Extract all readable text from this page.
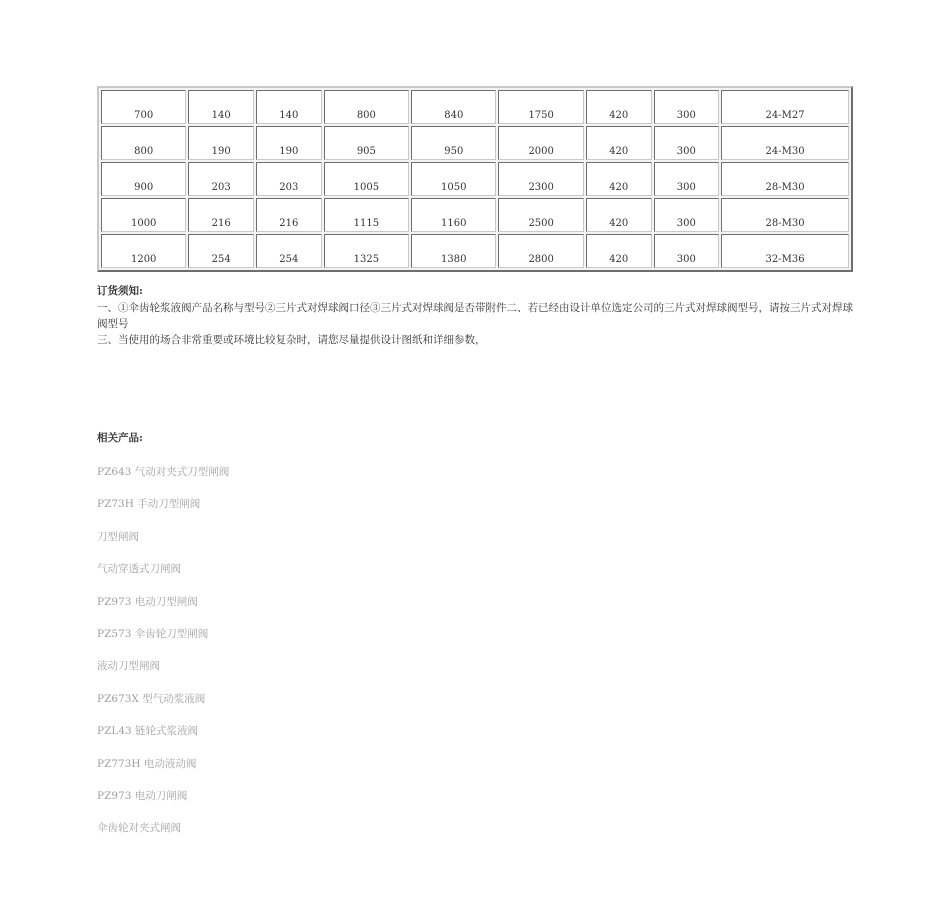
700	140	140	800	840	1750	420	300	24-M27
800	190	190	905	950	2000	420	300	24-M30
900	203	203	1005	1050	2300	420	300	28-M30
1000	216	216	1115	1160	2500	420	300	28-M30
1200	254	254	1325	1380	2800	420	300	32-M36
订货须知:

一、①伞齿轮浆液阀产品名称与型号②三片式对焊球阀口径③三片式对焊球阀是否带附件二、若已经由设计单位选定公司的三片式对焊球阀型号，请按三片式对焊球阀型号

三、当使用的场合非常重要或环境比较复杂时，请您尽量提供设计图纸和详细参数，

相关产品:
PZ643 气动对夹式刀型闸阀
PZ73H 手动刀型闸阀
刀型闸阀
气动穿透式刀闸阀
PZ973 电动刀型闸阀
PZ573 伞齿轮刀型闸阀
液动刀型闸阀
PZ673X 型气动浆液阀
PZL43 链轮式浆液阀
PZ773H 电动液动阀
PZ973 电动刀闸阀
伞齿轮对夹式闸阀
